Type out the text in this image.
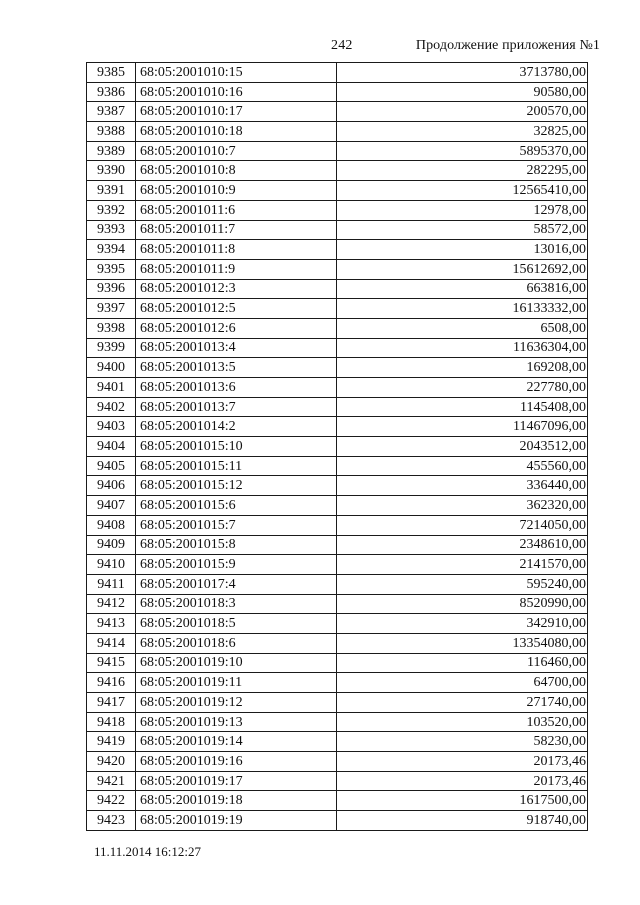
242	Продолжение приложения №1
9385	68:05:2001010:15	3713780,00
9386	68:05:2001010:16	90580,00
9387	68:05:2001010:17	200570,00
9388	68:05:2001010:18	32825,00
9389	68:05:2001010:7	5895370,00
9390	68:05:2001010:8	282295,00
9391	68:05:2001010:9	12565410,00
9392	68:05:2001011:6	12978,00
9393	68:05:2001011:7	58572,00
9394	68:05:2001011:8	13016,00
9395	68:05:2001011:9	15612692,00
9396	68:05:2001012:3	663816,00
9397	68:05:2001012:5	16133332,00
9398	68:05:2001012:6	6508,00
9399	68:05:2001013:4	11636304,00
9400	68:05:2001013:5	169208,00
9401	68:05:2001013:6	227780,00
9402	68:05:2001013:7	1145408,00
9403	68:05:2001014:2	11467096,00
9404	68:05:2001015:10	2043512,00
9405	68:05:2001015:11	455560,00
9406	68:05:2001015:12	336440,00
9407	68:05:2001015:6	362320,00
9408	68:05:2001015:7	7214050,00
9409	68:05:2001015:8	2348610,00
9410	68:05:2001015:9	2141570,00
9411	68:05:2001017:4	595240,00
9412	68:05:2001018:3	8520990,00
9413	68:05:2001018:5	342910,00
9414	68:05:2001018:6	13354080,00
9415	68:05:2001019:10	116460,00
9416	68:05:2001019:11	64700,00
9417	68:05:2001019:12	271740,00
9418	68:05:2001019:13	103520,00
9419	68:05:2001019:14	58230,00
9420	68:05:2001019:16	20173,46
9421	68:05:2001019:17	20173,46
9422	68:05:2001019:18	1617500,00
9423	68:05:2001019:19	918740,00
11.11.2014 16:12:27
